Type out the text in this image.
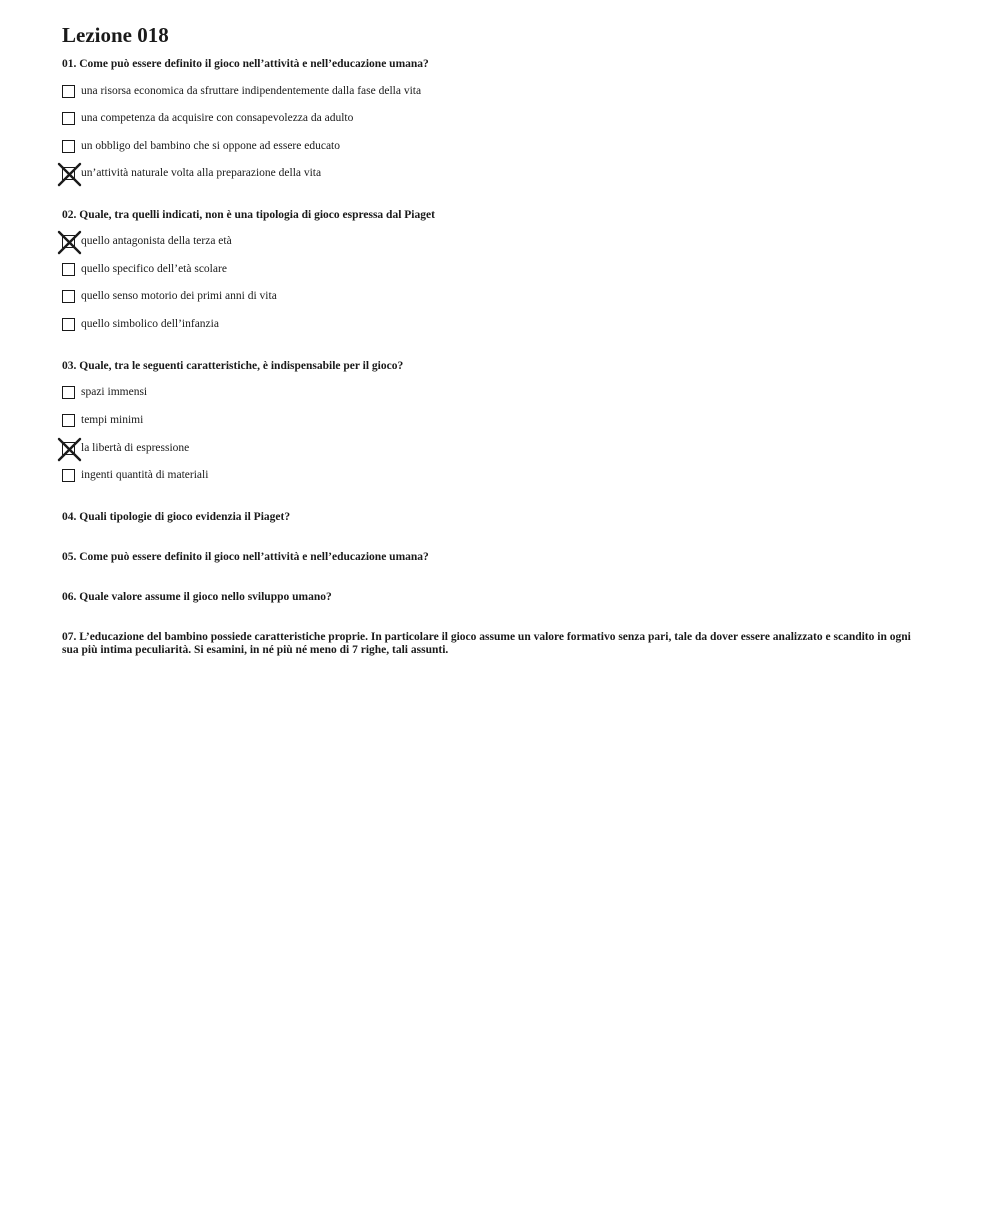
Lezione 018
01. Come può essere definito il gioco nell’attività e nell’educazione umana?
una risorsa economica da sfruttare indipendentemente dalla fase della vita
una competenza da acquisire con consapevolezza da adulto
un obbligo del bambino che si oppone ad essere educato
un’attività naturale volta alla preparazione della vita
02. Quale, tra quelli indicati, non è una tipologia di gioco espressa dal Piaget
quello antagonista della terza età
quello specifico dell’età scolare
quello senso motorio dei primi anni di vita
quello simbolico dell’infanzia
03. Quale, tra le seguenti caratteristiche, è indispensabile per il gioco?
spazi immensi
tempi minimi
la libertà di espressione
ingenti quantità di materiali
04. Quali tipologie di gioco evidenzia il Piaget?
05. Come può essere definito il gioco nell’attività e nell’educazione umana?
06. Quale valore assume il gioco nello sviluppo umano?
07. L’educazione del bambino possiede caratteristiche proprie. In particolare il gioco assume un valore formativo senza pari, tale da dover essere analizzato e scandito in ogni sua più intima peculiarità. Si esamini, in né più né meno di 7 righe, tali assunti.
